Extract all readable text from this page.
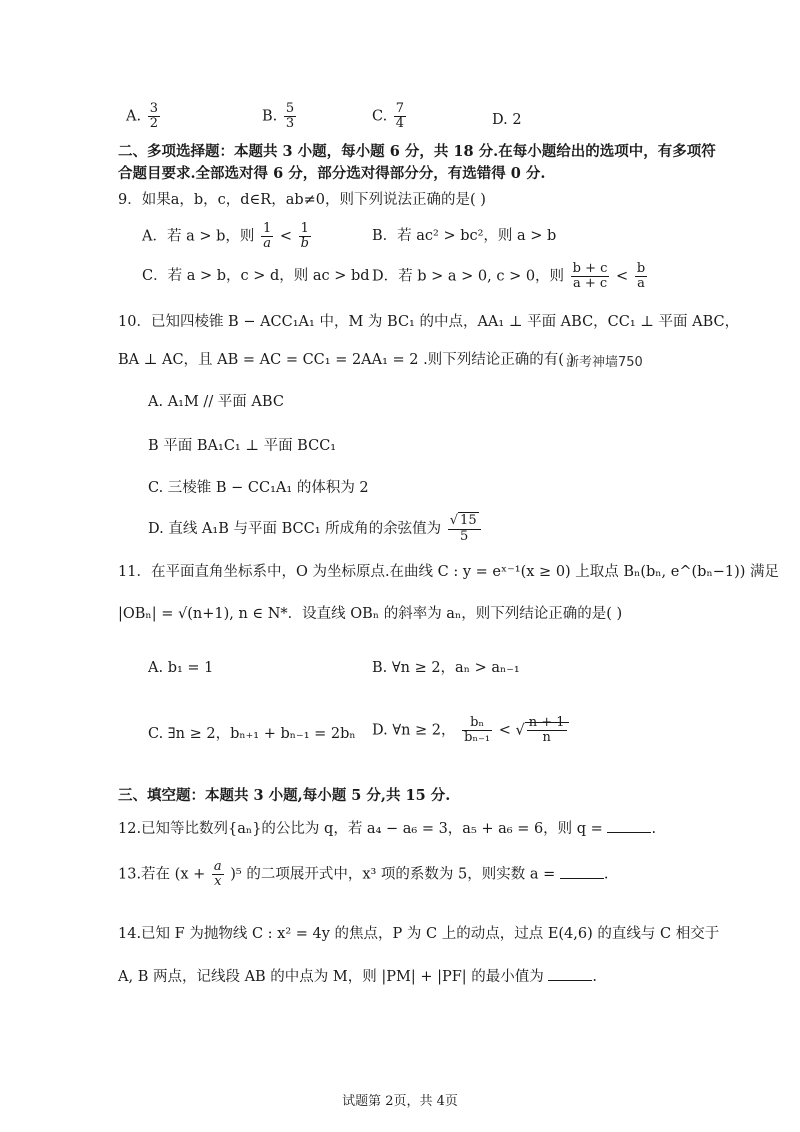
A. $\frac{3}{2}$	B. $\frac{5}{3}$	C. $\frac{7}{4}$	D. 2
二、多项选择题：本题共 3 小题，每小题 6 分，共 18 分.在每小题给出的选项中，有多项符
合题目要求.全部选对得 6 分，部分选对得部分分，有选错得 0 分.
9．如果a，b，c，d∈R，ab≠0，则下列说法正确的是( )
A．若 a > b，则 $\frac{1}{a} < \frac{1}{b}$	B．若 ac² > bc²，则 a > b
C．若 a > b，c > d，则 ac > bd D．若 b > a > 0, c > 0，则 $\frac{b + c}{a + c} < \frac{b}{a}$
10．已知四棱锥 B − ACC₁A₁ 中，M 为 BC₁ 的中点，AA₁ ⊥ 平面 ABC，CC₁ ⊥ 平面 ABC，
BA ⊥ AC，且 AB = AC = CC₁ = 2AA₁ = 2 .则下列结论正确的有( )
浙考神墙750
A. A₁M // 平面 ABC
B 平面 BA₁C₁ ⊥ 平面 BCC₁
C. 三棱锥 B − CC₁A₁ 的体积为 2
D. 直线 A₁B 与平面 BCC₁ 所成角的余弦值为 $\frac{√ 15}{5}$
11．在平面直角坐标系中，O 为坐标原点.在曲线 C : y = eˣ⁻¹(x ≥ 0) 上取点 Bₙ(bₙ, e^(bₙ−1)) 满足
|OBₙ| = √(n+1), n ∈ N*．设直线 OBₙ 的斜率为 aₙ，则下列结论正确的是( )
A. b₁ = 1	B. ∀n ≥ 2，aₙ > aₙ₋₁
C. ∃n ≥ 2，bₙ₊₁ + bₙ₋₁ = 2bₙ D. ∀n ≥ 2， $\frac{\text{bₙ}}{\text{bₙ₋₁}}$ < √ $\frac{n + 1}{n}$
三、填空题：本题共 3 小题,每小题 5 分,共 15 分.
12.已知等比数列{aₙ}的公比为 q，若 a₄ − a₆ = 3，a₅ + a₆ = 6，则 q =	.
13.若在 $(x + \frac{a}{x} )^5$ 的二项展开式中，x³ 项的系数为 5，则实数 a =	.
14.已知 F 为抛物线 C : x² = 4y 的焦点，P 为 C 上的动点，过点 E(4,6) 的直线与 C 相交于
A, B 两点，记线段 AB 的中点为 M，则 |PM| + |PF| 的最小值为	.
试题第 2页，共 4页
